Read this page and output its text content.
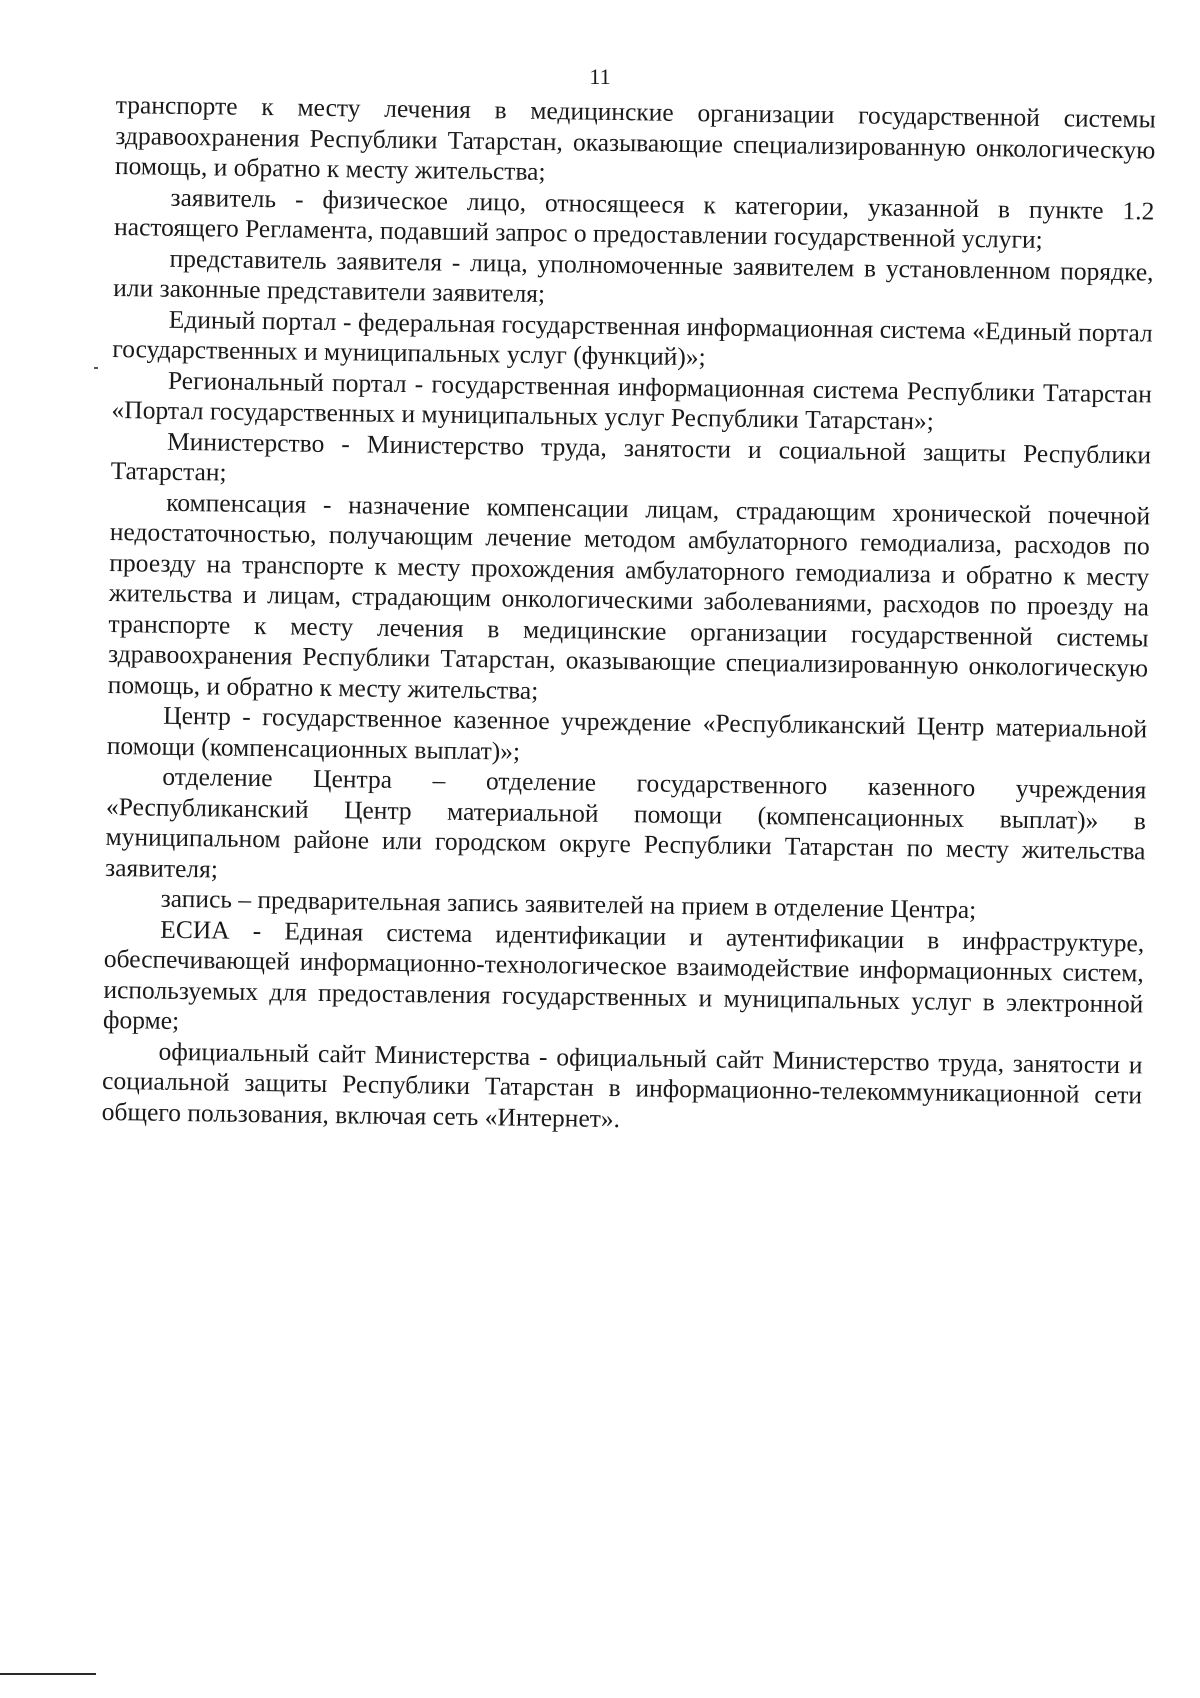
11

транспорте к месту лечения в медицинские организации государственной системы здравоохранения Республики Татарстан, оказывающие специализированную онкологическую помощь, и обратно к месту жительства;

заявитель - физическое лицо, относящееся к категории, указанной в пункте 1.2 настоящего Регламента, подавший запрос о предоставлении государственной услуги;

представитель заявителя - лица, уполномоченные заявителем в установленном порядке, или законные представители заявителя;

Единый портал - федеральная государственная информационная система «Единый портал государственных и муниципальных услуг (функций)»;

Региональный портал - государственная информационная система Республики Татарстан «Портал государственных и муниципальных услуг Республики Татарстан»;

Министерство - Министерство труда, занятости и социальной защиты Республики Татарстан;

компенсация - назначение компенсации лицам, страдающим хронической почечной недостаточностью, получающим лечение методом амбулаторного гемодиализа, расходов по проезду на транспорте к месту прохождения амбулаторного гемодиализа и обратно к месту жительства и лицам, страдающим онкологическими заболеваниями, расходов по проезду на транспорте к месту лечения в медицинские организации государственной системы здравоохранения Республики Татарстан, оказывающие специализированную онкологическую помощь, и обратно к месту жительства;

Центр - государственное казенное учреждение «Республиканский Центр материальной помощи (компенсационных выплат)»;

отделение Центра – отделение государственного казенного учреждения «Республиканский Центр материальной помощи (компенсационных выплат)» в муниципальном районе или городском округе Республики Татарстан по месту жительства заявителя;

запись – предварительная запись заявителей на прием в отделение Центра;

ЕСИА - Единая система идентификации и аутентификации в инфраструктуре, обеспечивающей информационно-технологическое взаимодействие информационных систем, используемых для предоставления государственных и муниципальных услуг в электронной форме;

официальный сайт Министерства - официальный сайт Министерство труда, занятости и социальной защиты Республики Татарстан в информационно-телекоммуникационной сети общего пользования, включая сеть «Интернет».
